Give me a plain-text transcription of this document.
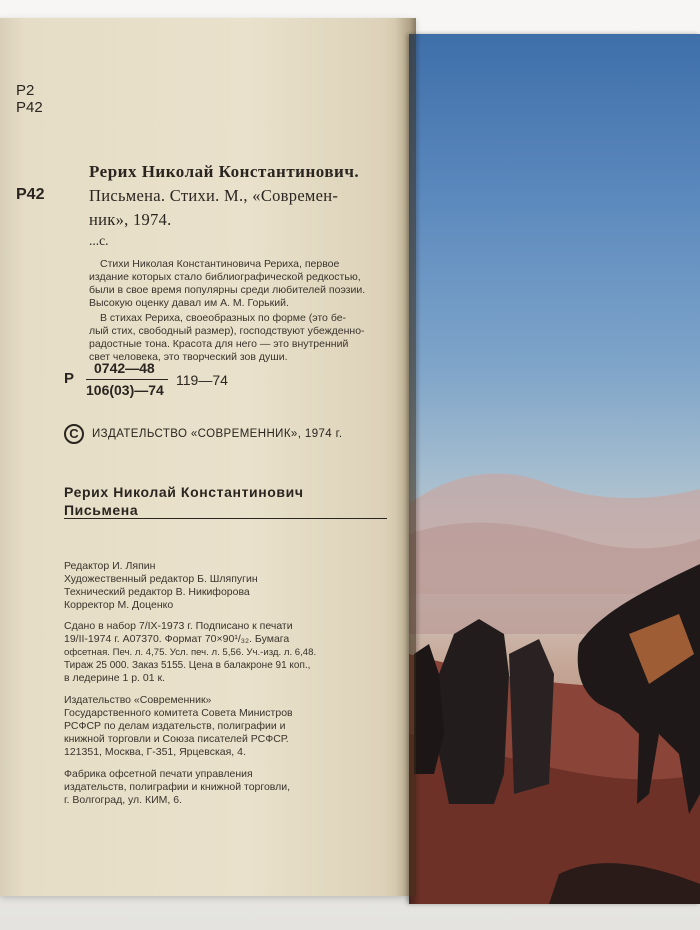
Р2
Р42
Р42
Рерих Николай Константинович.
Письмена. Стихи. М., «Современ-
ник», 1974.
...с.
Стихи Николая Константиновича Рериха, первое
издание которых стало библиографической редкостью,
были в свое время популярны среди любителей поэзии.
Высокую оценку давал им А. М. Горький.
В стихах Рериха, своеобразных по форме (это бе-
лый стих, свободный размер), господствуют убежденно-
радостные тона. Красота для него — это внутренний
свет человека, это творческий зов души.
Р
0742—48
106(03)—74
119—74
C	ИЗДАТЕЛЬСТВО «СОВРЕМЕННИК», 1974 г.
Рерих Николай Константинович
Письмена
Редактор И. Ляпин
Художественный редактор Б. Шляпугин
Технический редактор В. Никифорова
Корректор М. Доценко
Сдано в набор 7/IX-1973 г. Подписано к печати
19/II-1974 г. А07370. Формат 70×90¹/₃₂. Бумага
офсетная. Печ. л. 4,75. Усл. печ. л. 5,56. Уч.-изд. л. 6,48.
Тираж 25 000. Заказ 5155. Цена в балакроне 91 коп.,
в ледерине 1 р. 01 к.
Издательство «Современник»
Государственного комитета Совета Министров
РСФСР по делам издательств, полиграфии и
книжной торговли и Союза писателей РСФСР.
121351, Москва, Г-351, Ярцевская, 4.
Фабрика офсетной печати управления
издательств, полиграфии и книжной торговли,
г. Волгоград, ул. КИМ, 6.
